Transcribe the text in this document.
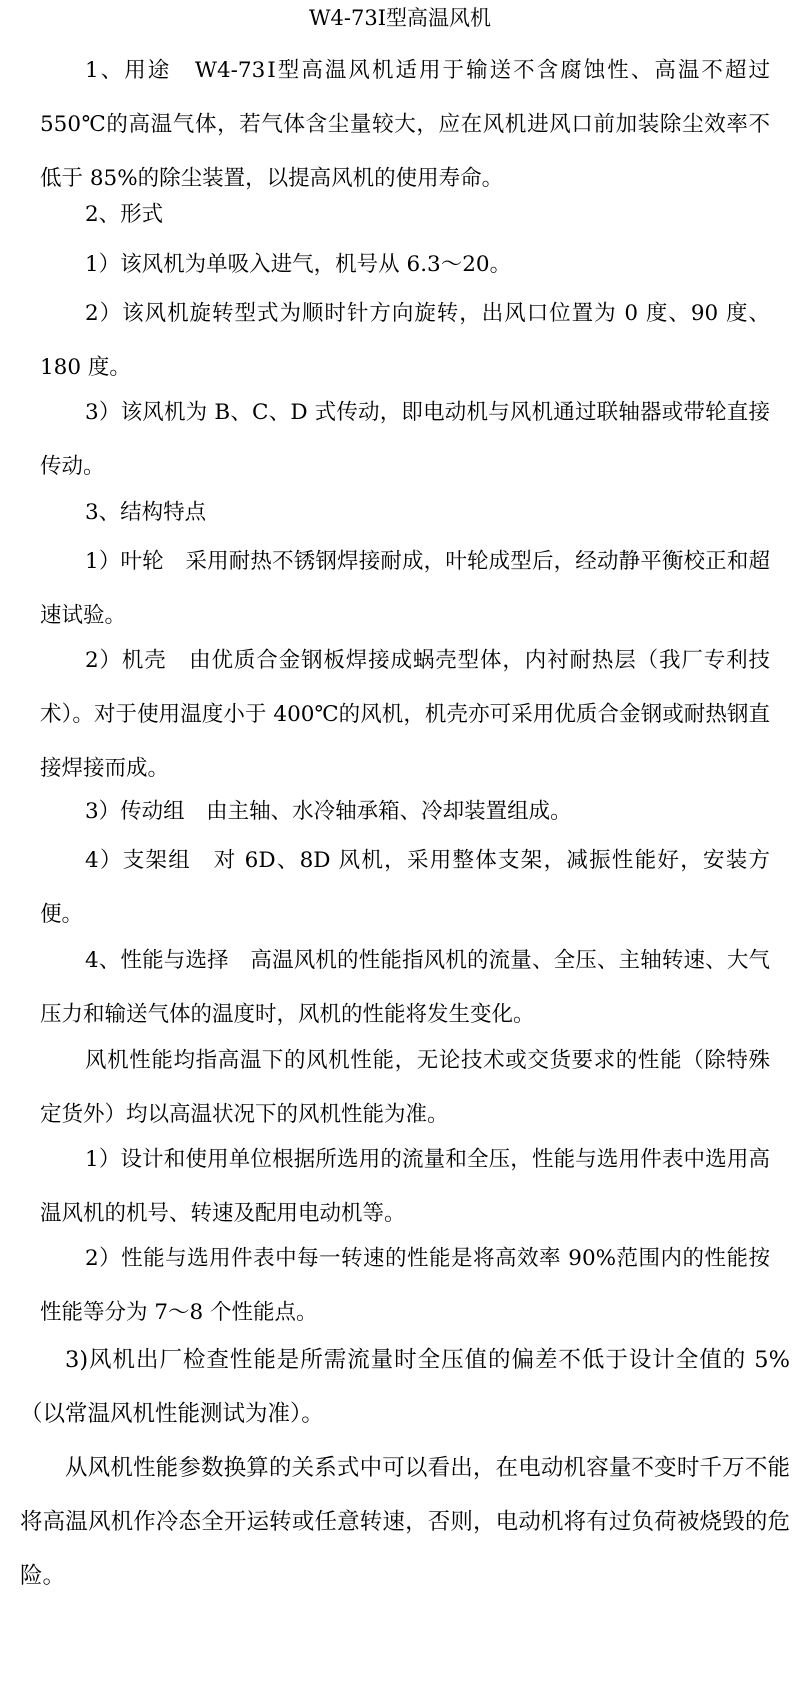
W4-73Ⅰ型高温风机

1、用途　W4-73Ⅰ型高温风机适用于输送不含腐蚀性、高温不超过 550℃的高温气体，若气体含尘量较大，应在风机进风口前加装除尘效率不低于 85%的除尘装置，以提高风机的使用寿命。

2、形式

1）该风机为单吸入进气，机号从 6.3～20。

2）该风机旋转型式为顺时针方向旋转，出风口位置为 0 度、90 度、180 度。

3）该风机为 B、C、D 式传动，即电动机与风机通过联轴器或带轮直接传动。

3、结构特点

1）叶轮　采用耐热不锈钢焊接耐成，叶轮成型后，经动静平衡校正和超速试验。

2）机壳　由优质合金钢板焊接成蜗壳型体，内衬耐热层（我厂专利技术）。对于使用温度小于 400℃的风机，机壳亦可采用优质合金钢或耐热钢直接焊接而成。

3）传动组　由主轴、水冷轴承箱、冷却装置组成。

4）支架组　对 6D、8D 风机，采用整体支架，减振性能好，安装方便。

4、性能与选择　高温风机的性能指风机的流量、全压、主轴转速、大气压力和输送气体的温度时，风机的性能将发生变化。

风机性能均指高温下的风机性能，无论技术或交货要求的性能（除特殊定货外）均以高温状况下的风机性能为准。

1）设计和使用单位根据所选用的流量和全压，性能与选用件表中选用高温风机的机号、转速及配用电动机等。

2）性能与选用件表中每一转速的性能是将高效率 90%范围内的性能按性能等分为 7～8 个性能点。

3)风机出厂检查性能是所需流量时全压值的偏差不低于设计全值的 5%（以常温风机性能测试为准）。

从风机性能参数换算的关系式中可以看出，在电动机容量不变时千万不能将高温风机作冷态全开运转或任意转速，否则，电动机将有过负荷被烧毁的危险。
